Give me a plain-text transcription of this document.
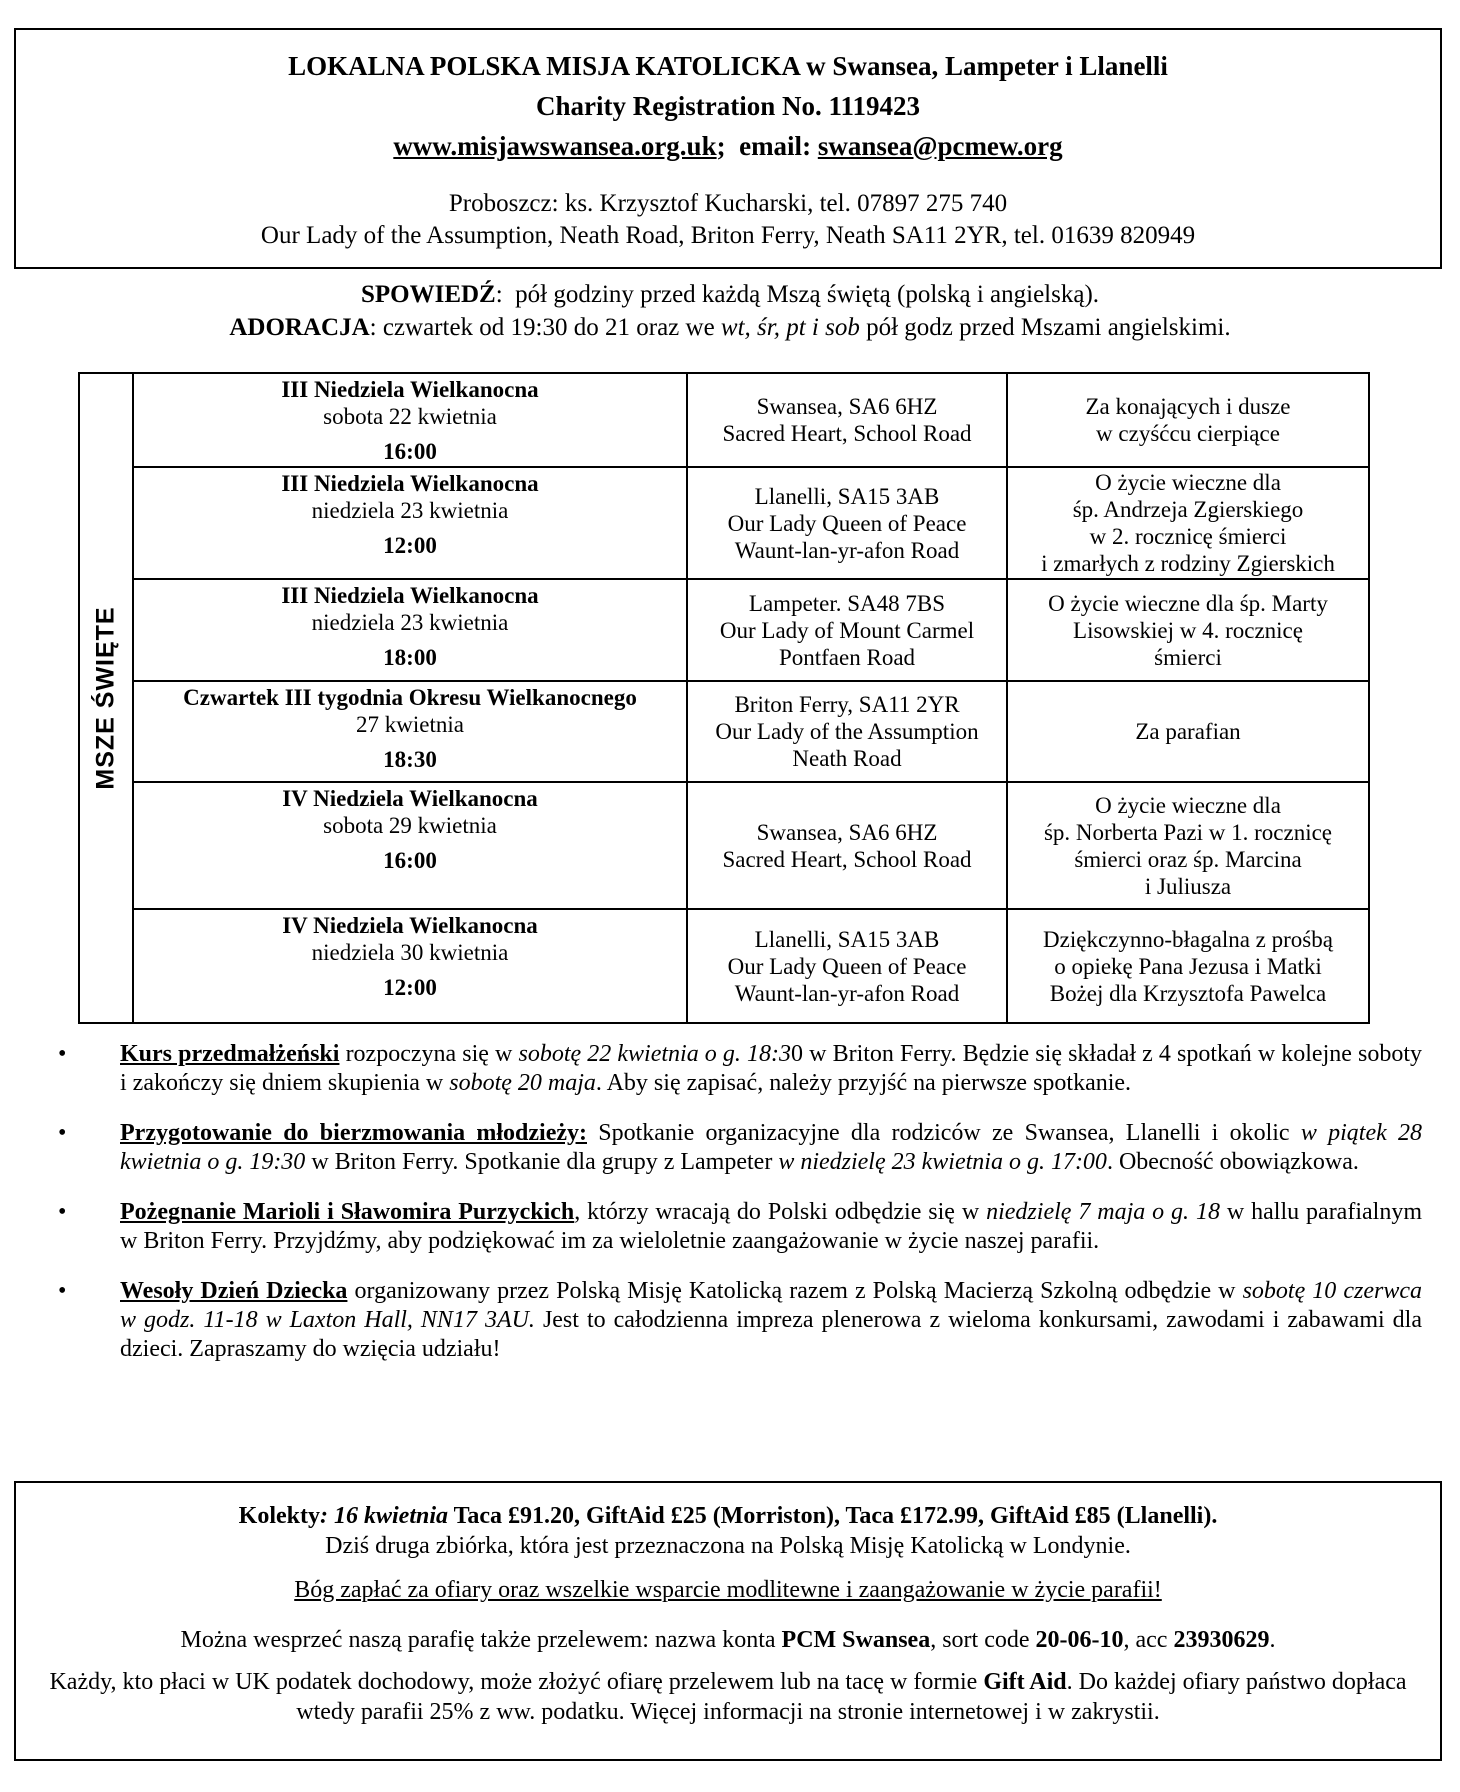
LOKALNA POLSKA MISJA KATOLICKA w Swansea, Lampeter i Llanelli
Charity Registration No. 1119423
www.misjawswansea.org.uk;  email: swansea@pcmew.org
Proboszcz: ks. Krzysztof Kucharski, tel. 07897 275 740
Our Lady of the Assumption, Neath Road, Briton Ferry, Neath SA11 2YR, tel. 01639 820949
SPOWIEDŹ:  pół godziny przed każdą Mszą świętą (polską i angielską).
ADORACJA: czwartek od 19:30 do 21 oraz we wt, śr, pt i sob pół godz przed Mszami angielskimi.
MSZE ŚWIĘTE
III Niedziela Wielkanocna
sobota 22 kwietnia
16:00
Swansea, SA6 6HZ
Sacred Heart, School Road
Za konających i dusze
w czyśćcu cierpiące
III Niedziela Wielkanocna
niedziela 23 kwietnia
12:00
Llanelli, SA15 3AB
Our Lady Queen of Peace
Waunt-lan-yr-afon Road
O życie wieczne dla
śp. Andrzeja Zgierskiego
w 2. rocznicę śmierci
i zmarłych z rodziny Zgierskich
III Niedziela Wielkanocna
niedziela 23 kwietnia
18:00
Lampeter. SA48 7BS
Our Lady of Mount Carmel
Pontfaen Road
O życie wieczne dla śp. Marty
Lisowskiej w 4. rocznicę
śmierci
Czwartek III tygodnia Okresu Wielkanocnego
27 kwietnia
18:30
Briton Ferry, SA11 2YR
Our Lady of the Assumption
Neath Road
Za parafian
IV Niedziela Wielkanocna
sobota 29 kwietnia
16:00
Swansea, SA6 6HZ
Sacred Heart, School Road
O życie wieczne dla
śp. Norberta Pazi w 1. rocznicę
śmierci oraz śp. Marcina
i Juliusza
IV Niedziela Wielkanocna
niedziela 30 kwietnia
12:00
Llanelli, SA15 3AB
Our Lady Queen of Peace
Waunt-lan-yr-afon Road
Dziękczynno-błagalna z prośbą
o opiekę Pana Jezusa i Matki
Bożej dla Krzysztofa Pawelca
• Kurs przedmałżeński rozpoczyna się w sobotę 22 kwietnia o g. 18:30 w Briton Ferry. Będzie się składał z 4 spotkań w kolejne soboty i zakończy się dniem skupienia w sobotę 20 maja. Aby się zapisać, należy przyjść na pierwsze spotkanie.
• Przygotowanie do bierzmowania młodzieży: Spotkanie organizacyjne dla rodziców ze Swansea, Llanelli i okolic w piątek 28 kwietnia o g. 19:30 w Briton Ferry. Spotkanie dla grupy z Lampeter w niedzielę 23 kwietnia o g. 17:00. Obecność obowiązkowa.
• Pożegnanie Marioli i Sławomira Purzyckich, którzy wracają do Polski odbędzie się w niedzielę 7 maja o g. 18 w hallu parafialnym w Briton Ferry. Przyjdźmy, aby podziękować im za wieloletnie zaangażowanie w życie naszej parafii.
• Wesoły Dzień Dziecka organizowany przez Polską Misję Katolicką razem z Polską Macierzą Szkolną odbędzie w sobotę 10 czerwca w godz. 11-18 w Laxton Hall, NN17 3AU. Jest to całodzienna impreza plenerowa z wieloma konkursami, zawodami i zabawami dla dzieci. Zapraszamy do wzięcia udziału!

Kolekty: 16 kwietnia Taca £91.20, GiftAid £25 (Morriston), Taca £172.99, GiftAid £85 (Llanelli).

Dziś druga zbiórka, która jest przeznaczona na Polską Misję Katolicką w Londynie.

Bóg zapłać za ofiary oraz wszelkie wsparcie modlitewne i zaangażowanie w życie parafii!

Można wesprzeć naszą parafię także przelewem: nazwa konta PCM Swansea, sort code 20-06-10, acc 23930629.

Każdy, kto płaci w UK podatek dochodowy, może złożyć ofiarę przelewem lub na tacę w formie Gift Aid. Do każdej ofiary państwo dopłaca wtedy parafii 25% z ww. podatku. Więcej informacji na stronie internetowej i w zakrystii.
